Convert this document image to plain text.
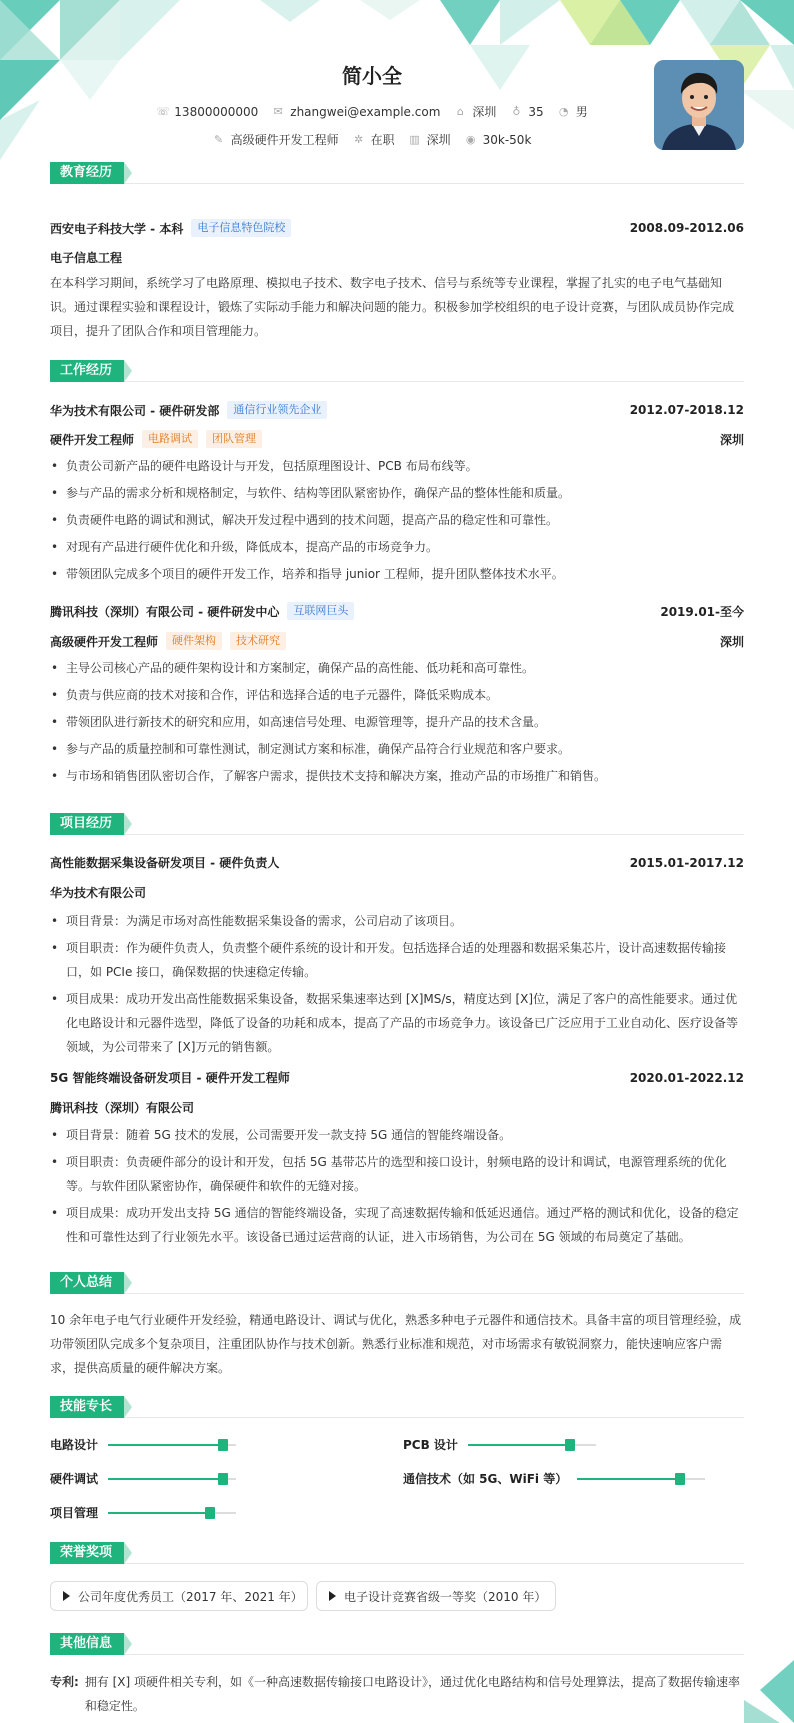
简小全
☏ 13800000000 ✉ zhangwei@example.com ⌂ 深圳 ♁ 35 ◔ 男
✎ 高级硬件开发工程师 ✲ 在职 ▥ 深圳 ◉ 30k-50k
教育经历
西安电子科技大学 - 本科	电子信息特色院校	2008.09-2012.06
电子信息工程
在本科学习期间，系统学习了电路原理、模拟电子技术、数字电子技术、信号与系统等专业课程，掌握了扎实的电子电气基础知识。通过课程实验和课程设计，锻炼了实际动手能力和解决问题的能力。积极参加学校组织的电子设计竞赛，与团队成员协作完成项目，提升了团队合作和项目管理能力。
工作经历
华为技术有限公司 - 硬件研发部	通信行业领先企业	2012.07-2018.12
硬件开发工程师	电路调试	团队管理	深圳
• 负责公司新产品的硬件电路设计与开发，包括原理图设计、PCB 布局布线等。
• 参与产品的需求分析和规格制定，与软件、结构等团队紧密协作，确保产品的整体性能和质量。
• 负责硬件电路的调试和测试，解决开发过程中遇到的技术问题，提高产品的稳定性和可靠性。
• 对现有产品进行硬件优化和升级，降低成本，提高产品的市场竞争力。
• 带领团队完成多个项目的硬件开发工作，培养和指导 junior 工程师，提升团队整体技术水平。
腾讯科技（深圳）有限公司 - 硬件研发中心	互联网巨头	2019.01-至今
高级硬件开发工程师	硬件架构	技术研究	深圳
• 主导公司核心产品的硬件架构设计和方案制定，确保产品的高性能、低功耗和高可靠性。
• 负责与供应商的技术对接和合作，评估和选择合适的电子元器件，降低采购成本。
• 带领团队进行新技术的研究和应用，如高速信号处理、电源管理等，提升产品的技术含量。
• 参与产品的质量控制和可靠性测试，制定测试方案和标准，确保产品符合行业规范和客户要求。
• 与市场和销售团队密切合作，了解客户需求，提供技术支持和解决方案，推动产品的市场推广和销售。
项目经历
高性能数据采集设备研发项目 - 硬件负责人	2015.01-2017.12
华为技术有限公司
• 项目背景：为满足市场对高性能数据采集设备的需求，公司启动了该项目。
• 项目职责：作为硬件负责人，负责整个硬件系统的设计和开发。包括选择合适的处理器和数据采集芯片，设计高速数据传输接口，如 PCIe 接口，确保数据的快速稳定传输。
• 项目成果：成功开发出高性能数据采集设备，数据采集速率达到 [X]MS/s，精度达到 [X]位，满足了客户的高性能要求。通过优化电路设计和元器件选型，降低了设备的功耗和成本，提高了产品的市场竞争力。该设备已广泛应用于工业自动化、医疗设备等领域，为公司带来了 [X]万元的销售额。
5G 智能终端设备研发项目 - 硬件开发工程师	2020.01-2022.12
腾讯科技（深圳）有限公司
• 项目背景：随着 5G 技术的发展，公司需要开发一款支持 5G 通信的智能终端设备。
• 项目职责：负责硬件部分的设计和开发，包括 5G 基带芯片的选型和接口设计，射频电路的设计和调试，电源管理系统的优化等。与软件团队紧密协作，确保硬件和软件的无缝对接。
• 项目成果：成功开发出支持 5G 通信的智能终端设备，实现了高速数据传输和低延迟通信。通过严格的测试和优化，设备的稳定性和可靠性达到了行业领先水平。该设备已通过运营商的认证，进入市场销售，为公司在 5G 领域的布局奠定了基础。
个人总结
10 余年电子电气行业硬件开发经验，精通电路设计、调试与优化，熟悉多种电子元器件和通信技术。具备丰富的项目管理经验，成功带领团队完成多个复杂项目，注重团队协作与技术创新。熟悉行业标准和规范，对市场需求有敏锐洞察力，能快速响应客户需求，提供高质量的硬件解决方案。
技能专长
电路设计	PCB 设计
硬件调试	通信技术（如 5G、WiFi 等）
项目管理
荣誉奖项
公司年度优秀员工（2017 年、2021 年）	电子设计竞赛省级一等奖（2010 年）
其他信息
专利: 拥有 [X] 项硬件相关专利，如《一种高速数据传输接口电路设计》，通过优化电路结构和信号处理算法，提高了数据传输速率和稳定性。
